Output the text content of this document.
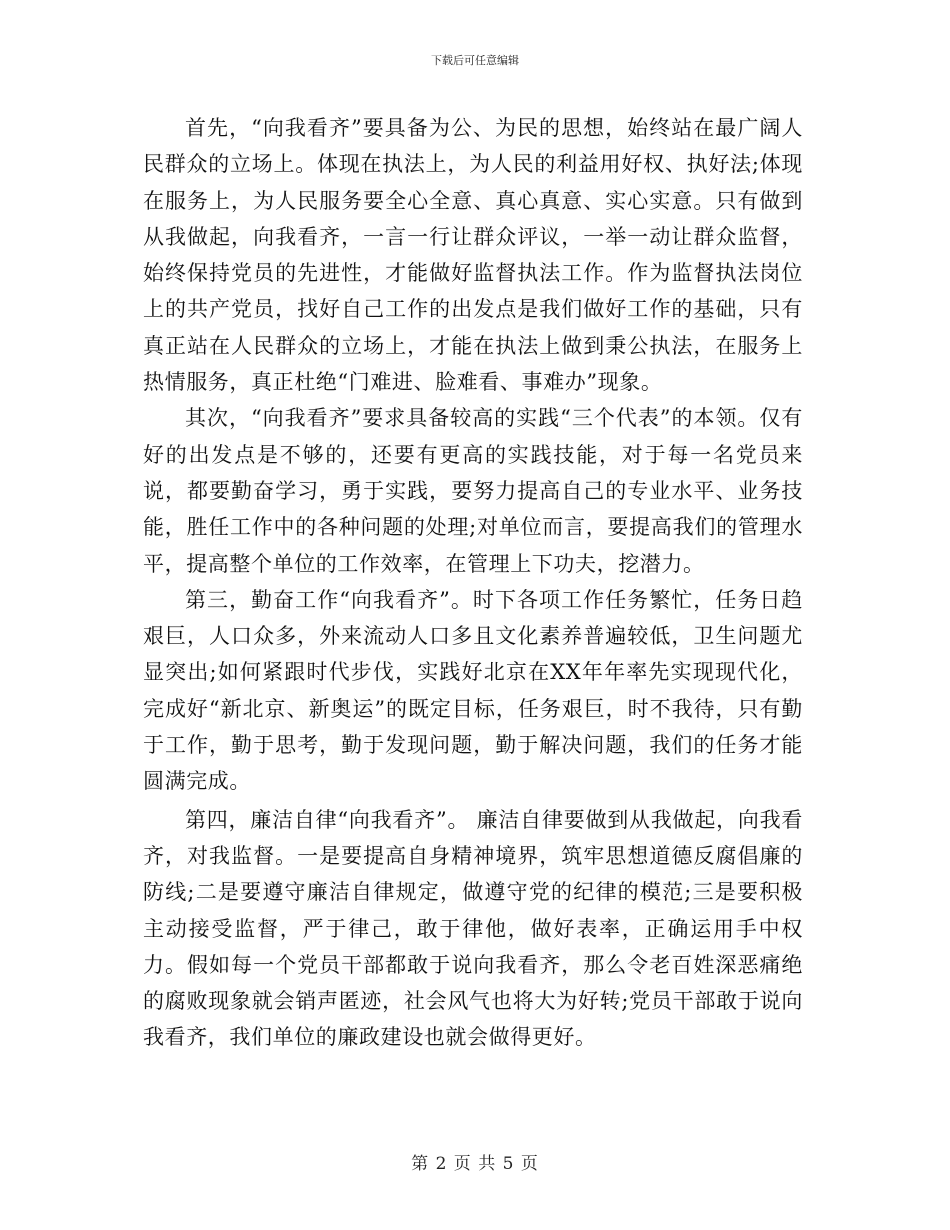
下载后可任意编辑

首先，“向我看齐”要具备为公、为民的思想，始终站在最广阔人民群众的立场上。体现在执法上，为人民的利益用好权、执好法;体现在服务上，为人民服务要全心全意、真心真意、实心实意。只有做到从我做起，向我看齐，一言一行让群众评议，一举一动让群众监督，始终保持党员的先进性，才能做好监督执法工作。作为监督执法岗位上的共产党员，找好自己工作的出发点是我们做好工作的基础，只有真正站在人民群众的立场上，才能在执法上做到秉公执法，在服务上热情服务，真正杜绝“门难进、脸难看、事难办”现象。

其次，“向我看齐”要求具备较高的实践“三个代表”的本领。仅有好的出发点是不够的，还要有更高的实践技能，对于每一名党员来说，都要勤奋学习，勇于实践，要努力提高自己的专业水平、业务技能，胜任工作中的各种问题的处理;对单位而言，要提高我们的管理水平，提高整个单位的工作效率，在管理上下功夫，挖潜力。

第三，勤奋工作“向我看齐”。时下各项工作任务繁忙，任务日趋艰巨，人口众多，外来流动人口多且文化素养普遍较低，卫生问题尤显突出;如何紧跟时代步伐，实践好北京在XX年年率先实现现代化，完成好“新北京、新奥运”的既定目标，任务艰巨，时不我待，只有勤于工作，勤于思考，勤于发现问题，勤于解决问题，我们的任务才能圆满完成。

第四，廉洁自律“向我看齐”。 廉洁自律要做到从我做起，向我看齐，对我监督。一是要提高自身精神境界，筑牢思想道德反腐倡廉的防线;二是要遵守廉洁自律规定，做遵守党的纪律的模范;三是要积极主动接受监督，严于律己，敢于律他，做好表率，正确运用手中权力。假如每一个党员干部都敢于说向我看齐，那么令老百姓深恶痛绝的腐败现象就会销声匿迹，社会风气也将大为好转;党员干部敢于说向我看齐，我们单位的廉政建设也就会做得更好。

第 2 页 共 5 页
